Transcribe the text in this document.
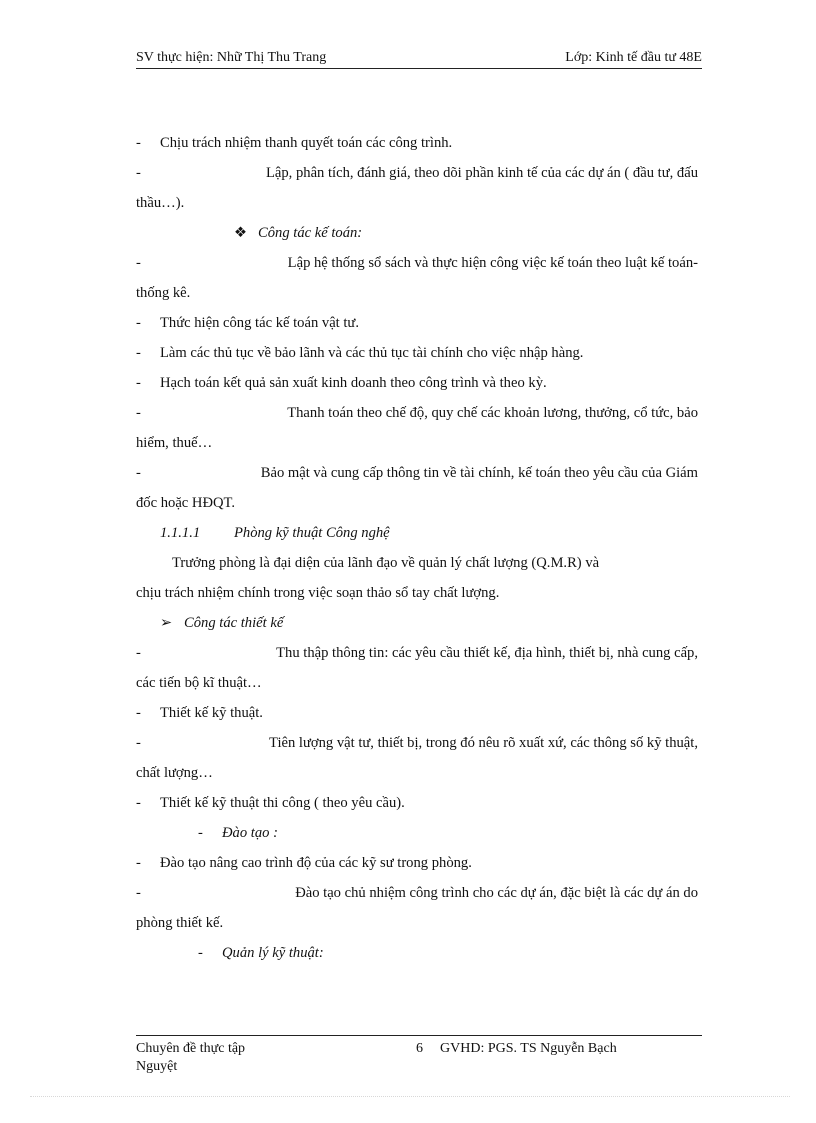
SV thực hiện: Nhữ Thị Thu Trang	Lớp: Kinh tế đầu tư 48E
- Chịu trách nhiệm thanh quyết toán các công trình.
-	Lập, phân tích, đánh giá, theo dõi phần kinh tế của các dự án ( đầu tư, đấu
thầu…).
❖ Công tác kế toán:
-	Lập hệ thống sổ sách và thực hiện công việc kế toán theo luật kế toán-
thống kê.
- Thức hiện công tác kế toán vật tư.
- Làm các thủ tục về bảo lãnh và các thủ tục tài chính cho việc nhập hàng.
- Hạch toán kết quả sản xuất kinh doanh theo công trình và theo kỳ.
-	Thanh toán theo chế độ, quy chế các khoản lương, thưởng, cổ tức, bảo
hiểm, thuế…
-	Bảo mật và cung cấp thông tin về tài chính, kế toán theo yêu cầu của Giám
đốc hoặc HĐQT.
1.1.1.1 Phòng kỹ thuật Công nghệ
Trưởng phòng là đại diện của lãnh đạo về quản lý chất lượng (Q.M.R) và
chịu trách nhiệm chính trong việc soạn thảo sổ tay chất lượng.
➢ Công tác thiết kế
-	Thu thập thông tin: các yêu cầu thiết kế, địa hình, thiết bị, nhà cung cấp,
các tiến bộ kĩ thuật…
- Thiết kế kỹ thuật.
-	Tiên lượng vật tư, thiết bị, trong đó nêu rõ xuất xứ, các thông số kỹ thuật,
chất lượng…
- Thiết kế kỹ thuật thi công ( theo yêu cầu).
- Đào tạo :
- Đào tạo nâng cao trình độ của các kỹ sư trong phòng.
-	Đào tạo chủ nhiệm công trình cho các dự án, đặc biệt là các dự án do
phòng thiết kế.
- Quản lý kỹ thuật:
Chuyên đề thực tập
Nguyệt
6 GVHD: PGS. TS Nguyễn Bạch
